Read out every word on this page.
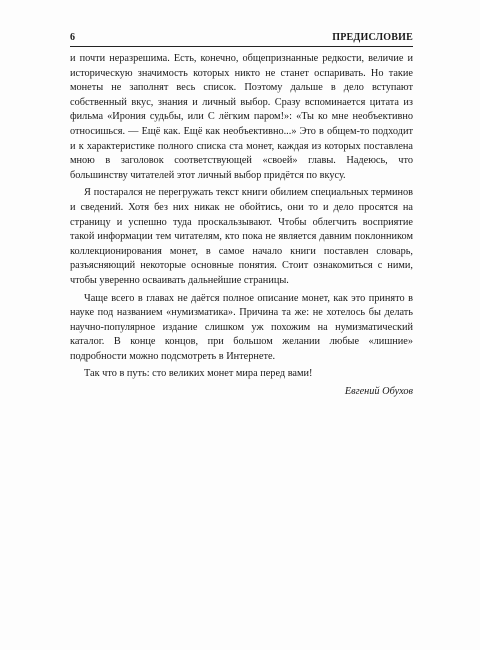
6	ПРЕДИСЛОВИЕ

и почти неразрешима. Есть, конечно, общепризнанные редкости, величие и историческую значимость которых никто не станет оспаривать. Но такие монеты не заполнят весь список. Поэтому дальше в дело вступают собственный вкус, знания и личный выбор. Сразу вспоминается цитата из фильма «Ирония судьбы, или С лёгким паром!»: «Ты ко мне необъективно относишься. — Ещё как. Ещё как необъективно...» Это в общем-то подходит и к характеристике полного списка ста монет, каждая из которых поставлена мною в заголовок соответствующей «своей» главы. Надеюсь, что большинству читателей этот личный выбор придётся по вкусу.

Я постарался не перегружать текст книги обилием специальных терминов и сведений. Хотя без них никак не обойтись, они то и дело просятся на страницу и успешно туда проскальзывают. Чтобы облегчить восприятие такой информации тем читателям, кто пока не является давним поклонником коллекционирования монет, в самое начало книги поставлен словарь, разъясняющий некоторые основные понятия. Стоит ознакомиться с ними, чтобы уверенно осваивать дальнейшие страницы.

Чаще всего в главах не даётся полное описание монет, как это принято в науке под названием «нумизматика». Причина та же: не хотелось бы делать научно-популярное издание слишком уж похожим на нумизматический каталог. В конце концов, при большом желании любые «лишние» подробности можно подсмотреть в Интернете.

Так что в путь: сто великих монет мира перед вами!

Евгений Обухов
